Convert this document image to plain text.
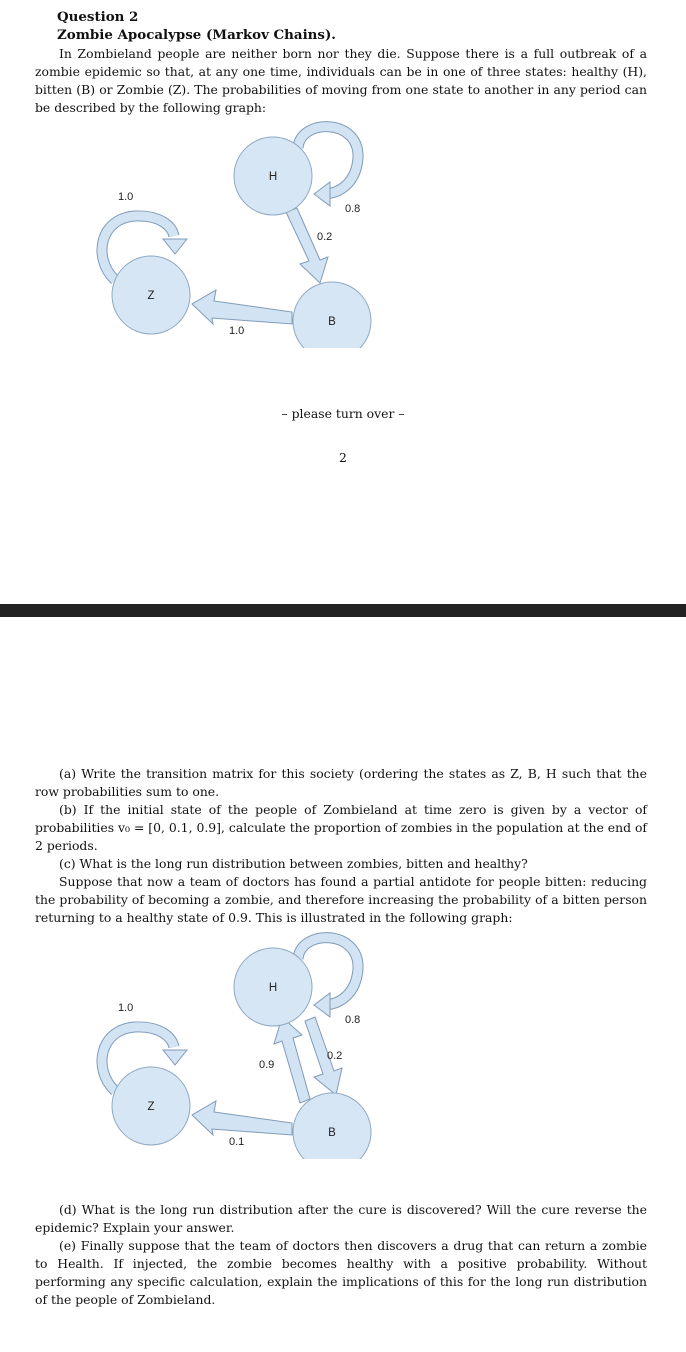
Question 2

Zombie Apocalypse (Markov Chains).

In Zombieland people are neither born nor they die. Suppose there is a full outbreak of a zombie epidemic so that, at any one time, individuals can be in one of three states: healthy (H), bitten (B) or Zombie (Z). The probabilities of moving from one state to another in any period can be described by the following graph:

H
Z
B
1.0
0.8
0.2
1.0
– please turn over –
2

(a) Write the transition matrix for this society (ordering the states as Z, B, H such that the row probabilities sum to one.

(b) If the initial state of the people of Zombieland at time zero is given by a vector of probabilities v₀ = [0, 0.1, 0.9], calculate the proportion of zombies in the population at the end of 2 periods.

(c) What is the long run distribution between zombies, bitten and healthy?

Suppose that now a team of doctors has found a partial antidote for people bitten: reducing the probability of becoming a zombie, and therefore increasing the probability of a bitten person returning to a healthy state of 0.9. This is illustrated in the following graph:

H
Z
B
1.0
0.8
0.2
0.9
0.1

(d) What is the long run distribution after the cure is discovered? Will the cure reverse the epidemic? Explain your answer.

(e) Finally suppose that the team of doctors then discovers a drug that can return a zombie to Health. If injected, the zombie becomes healthy with a positive probability. Without performing any specific calculation, explain the implications of this for the long run distribution of the people of Zombieland.
